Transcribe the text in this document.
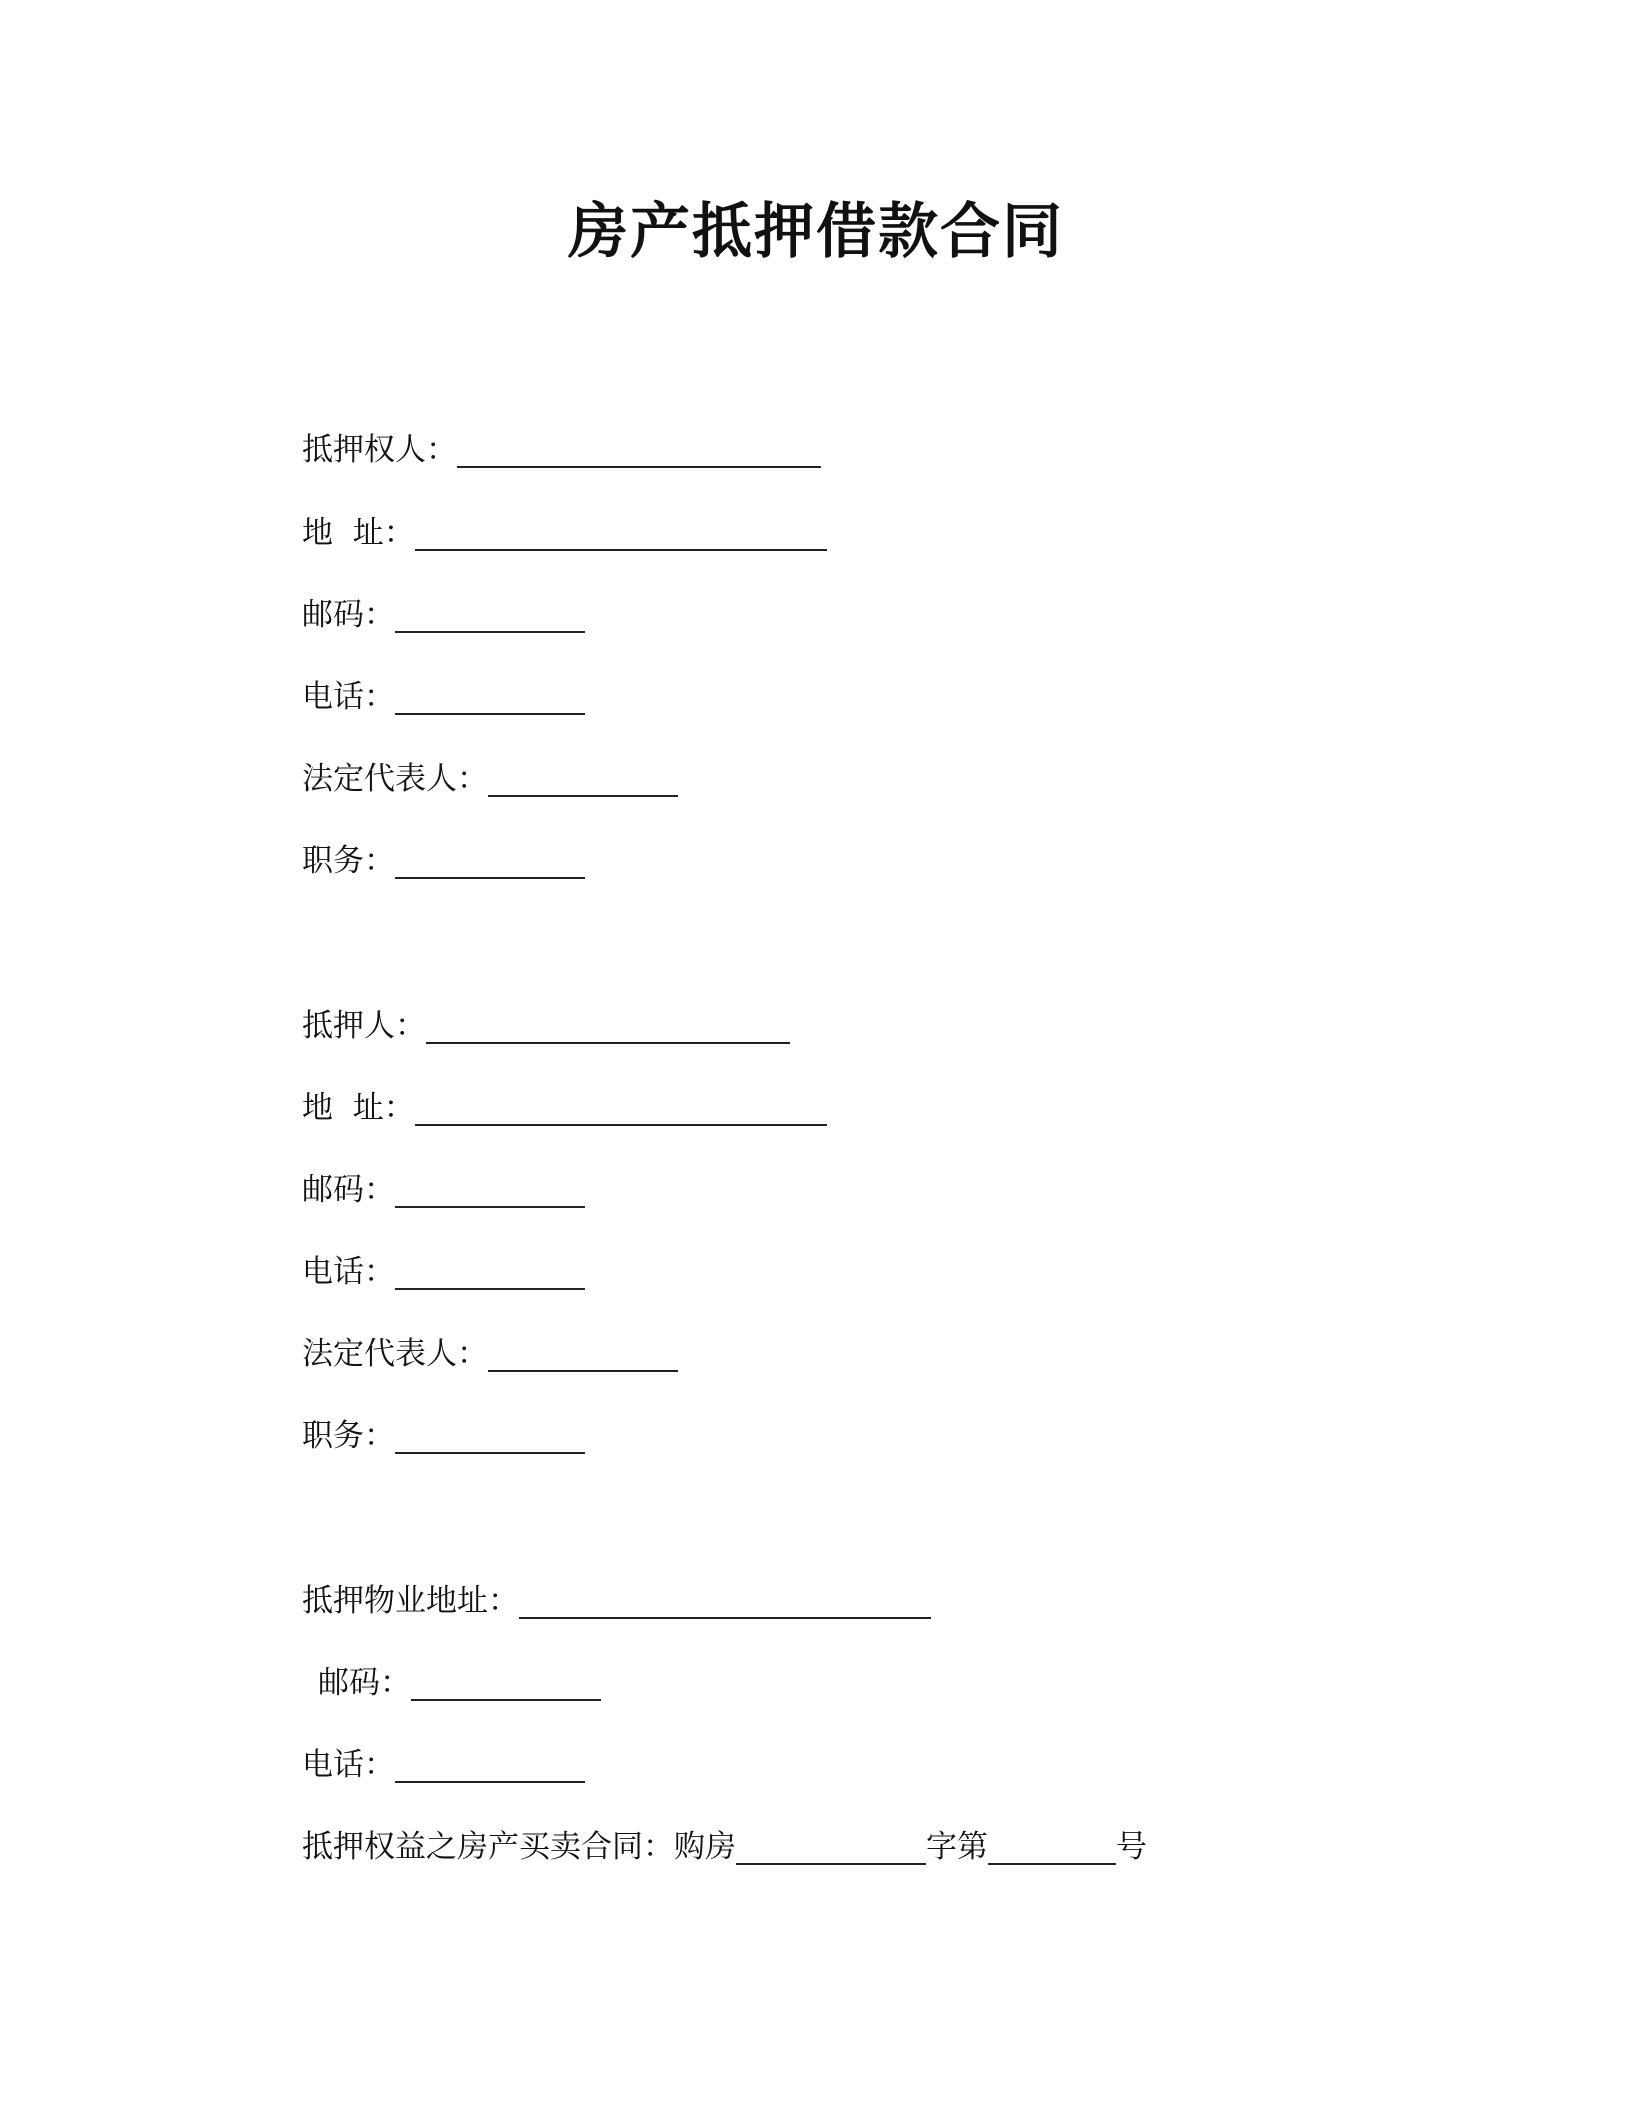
房产抵押借款合同
抵押权人：
地  址：
邮码：
电话：
法定代表人：
职务：
抵押人：
地  址：
邮码：
电话：
法定代表人：
职务：
抵押物业地址：
邮码：
电话：
抵押权益之房产买卖合同：购房	字第	号
